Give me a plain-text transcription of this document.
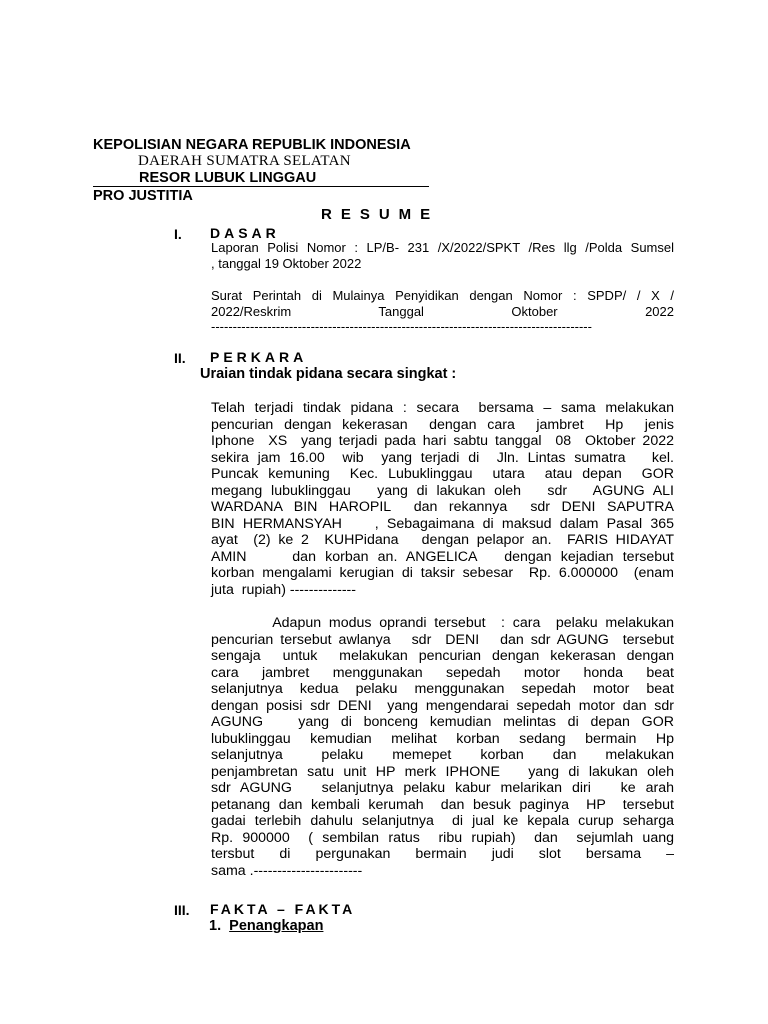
KEPOLISIAN NEGARA REPUBLIK INDONESIA
DAERAH SUMATRA SELATAN
RESOR LUBUK LINGGAU
PRO JUSTITIA
RESUME
I. DASAR
Laporan Polisi Nomor : LP/B- 231 /X/2022/SPKT /Res llg /Polda Sumsel
, tanggal 19 Oktober 2022
Surat Perintah di Mulainya Penyidikan dengan Nomor : SPDP/ / X /
2022/Reskrim Tanggal Oktober 2022
----------------------------------------------------------------------------------------
II. PERKARA
Uraian tindak pidana secara singkat :
Telah terjadi tindak pidana : secara  bersama – sama melakukan
pencurian dengan kekerasan  dengan cara  jambret  Hp  jenis
Iphone  XS  yang terjadi pada hari sabtu tanggal  08  Oktober 2022
sekira jam 16.00  wib  yang terjadi di  Jln. Lintas sumatra   kel.
Puncak kemuning  Kec. Lubuklinggau  utara  atau depan  GOR
megang lubuklinggau   yang di lakukan oleh   sdr   AGUNG ALI
WARDANA BIN HAROPIL  dan rekannya  sdr DENI SAPUTRA
BIN HERMANSYAH    , Sebagaimana di maksud dalam Pasal 365
ayat  (2) ke 2  KUHPidana   dengan pelapor an.  FARIS HIDAYAT
AMIN     dan korban an. ANGELICA   dengan kejadian tersebut
korban mengalami kerugian di taksir sebesar  Rp. 6.000000  (enam
juta  rupiah) --------------
Adapun modus oprandi tersebut  : cara  pelaku melakukan
pencurian tersebut awlanya   sdr  DENI   dan sdr AGUNG  tersebut
sengaja  untuk  melakukan pencurian dengan kekerasan dengan
cara  jambret  menggunakan  sepedah  motor  honda  beat
selanjutnya kedua pelaku menggunakan sepedah motor beat
dengan posisi sdr DENI  yang mengendarai sepedah motor dan sdr
AGUNG   yang di bonceng kemudian melintas di depan GOR
lubuklinggau  kemudian  melihat  korban  sedang  bermain  Hp
selanjutnya        pelaku      memepet      korban      dan      melakukan
penjambretan satu unit HP merk IPHONE   yang di lakukan oleh
sdr AGUNG   selanjutnya pelaku kabur melarikan diri   ke arah
petanang dan kembali kerumah  dan besuk paginya  HP  tersebut
gadai terlebih dahulu selanjutnya  di jual ke kepala curup seharga
Rp. 900000  ( sembilan ratus  ribu rupiah)  dan  sejumlah uang
tersbut    di    pergunakan    bermain    judi    slot    bersama    –
sama .-----------------------
III. FAKTA – FAKTA
1. Penangkapan
